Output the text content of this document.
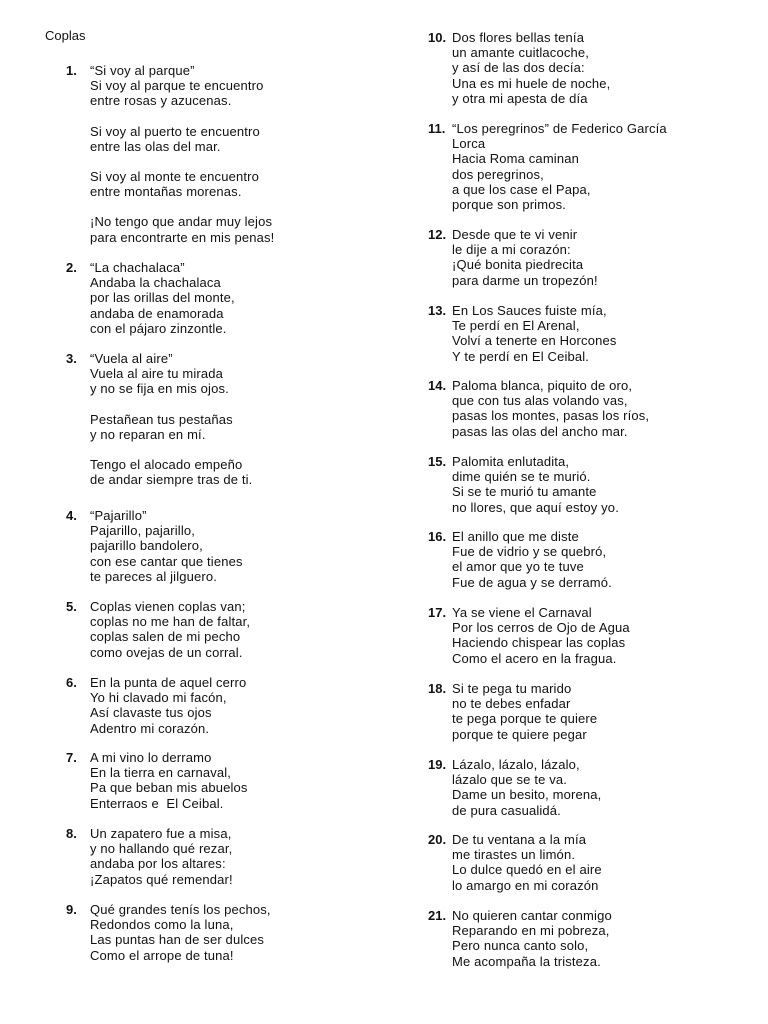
Coplas
1. “Si voy al parque”
Si voy al parque te encuentro
entre rosas y azucenas.
Si voy al puerto te encuentro
entre las olas del mar.
Si voy al monte te encuentro
entre montañas morenas.
¡No tengo que andar muy lejos
para encontrarte en mis penas!
2. “La chachalaca”
Andaba la chachalaca
por las orillas del monte,
andaba de enamorada
con el pájaro zinzontle.
3. “Vuela al aire”
Vuela al aire tu mirada
y no se fija en mis ojos.
Pestañean tus pestañas
y no reparan en mí.
Tengo el alocado empeño
de andar siempre tras de ti.
4. “Pajarillo”
Pajarillo, pajarillo,
pajarillo bandolero,
con ese cantar que tienes
te pareces al jilguero.
5. Coplas vienen coplas van;
coplas no me han de faltar,
coplas salen de mi pecho
como ovejas de un corral.
6. En la punta de aquel cerro
Yo hi clavado mi facón,
Así clavaste tus ojos
Adentro mi corazón.
7. A mi vino lo derramo
En la tierra en carnaval,
Pa que beban mis abuelos
Enterraos e  El Ceibal.
8. Un zapatero fue a misa,
y no hallando qué rezar,
andaba por los altares:
¡Zapatos qué remendar!
9. Qué grandes tenís los pechos,
Redondos como la luna,
Las puntas han de ser dulces
Como el arrope de tuna!
10. Dos flores bellas tenía
un amante cuitlacoche,
y así de las dos decía:
Una es mi huele de noche,
y otra mi apesta de día
11. “Los peregrinos” de Federico García
Lorca
Hacia Roma caminan
dos peregrinos,
a que los case el Papa,
porque son primos.
12. Desde que te vi venir
le dije a mi corazón:
¡Qué bonita piedrecita
para darme un tropezón!
13. En Los Sauces fuiste mía,
Te perdí en El Arenal,
Volví a tenerte en Horcones
Y te perdí en El Ceibal.
14. Paloma blanca, piquito de oro,
que con tus alas volando vas,
pasas los montes, pasas los ríos,
pasas las olas del ancho mar.
15. Palomita enlutadita,
dime quién se te murió.
Si se te murió tu amante
no llores, que aquí estoy yo.
16. El anillo que me diste
Fue de vidrio y se quebró,
el amor que yo te tuve
Fue de agua y se derramó.
17. Ya se viene el Carnaval
Por los cerros de Ojo de Agua
Haciendo chispear las coplas
Como el acero en la fragua.
18. Si te pega tu marido
no te debes enfadar
te pega porque te quiere
porque te quiere pegar
19. Lázalo, lázalo, lázalo,
lázalo que se te va.
Dame un besito, morena,
de pura casualidá.
20. De tu ventana a la mía
me tirastes un limón.
Lo dulce quedó en el aire
lo amargo en mi corazón
21. No quieren cantar conmigo
Reparando en mi pobreza,
Pero nunca canto solo,
Me acompaña la tristeza.
